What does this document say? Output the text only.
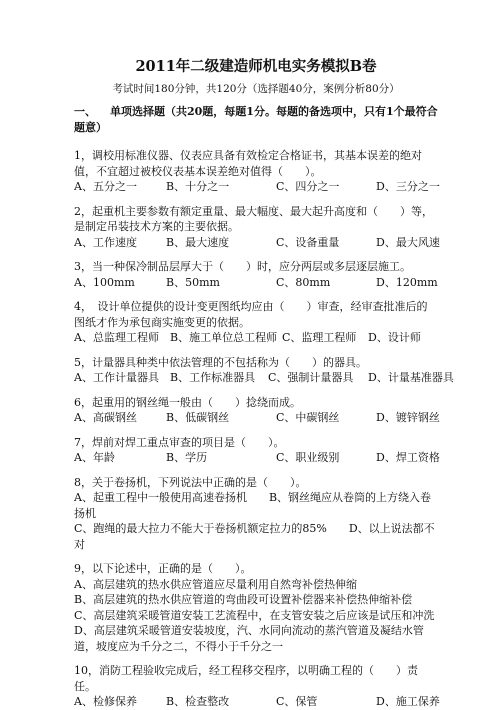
2011年二级建造师机电实务模拟B卷
考试时间180分钟，共120分（选择题40分，案例分析80分）
一、 单项选择题（共20题，每题1分。每题的备选项中，只有1个最符合题意）

1，调校用标准仪器、仪表应具备有效检定合格证书，其基本误差的绝对值，不宜超过被校仪表基本误差绝对值得（　　）。

A、五分之一	B、十分之一	C、四分之一	D、三分之一

2，起重机主要参数有额定重量、最大幅度、最大起升高度和（　　）等，是制定吊装技术方案的主要依据。

A、工作速度	B、最大速度	C、设备重量	D、最大风速

3，当一种保冷制品层厚大于（　　）时，应分两层或多层逐层施工。

A、100mm	B、50mm	C、80mm	D、120mm

4，　设计单位提供的设计变更图纸均应由（　　）审查，经审查批准后的图纸才作为承包商实施变更的依据。

A、总监理工程师	B、施工单位总工程师 C、监理工程师	D、设计师

5，计量器具种类中依法管理的不包括称为（　　）的器具。

A、工作计量器具	B、工作标准器具	C、强制计量器具	D、计量基准器具

6，起重用的钢丝绳一般由（　　）捻绕而成。

A、高碳钢丝	B、低碳钢丝	C、中碳钢丝	D、镀锌钢丝

7，焊前对焊工重点审查的项目是（　　）。

A、年龄	B、学历	C、职业级别	D、焊工资格

8，关于卷扬机，下列说法中正确的是（　　）。

A、起重工程中一般使用高速卷扬机　　B、钢丝绳应从卷筒的上方绕入卷扬机

C、跑绳的最大拉力不能大于卷扬机额定拉力的85%　　D、以上说法都不对

9，以下论述中，正确的是（　　）。

A、高层建筑的热水供应管道应尽量利用自然弯补偿热伸缩

B、高层建筑的热水供应管道的弯曲段可设置补偿器来补偿热伸缩补偿

C、高层建筑采暖管道安装工艺流程中，在支管安装之后应该是试压和冲洗

D、高层建筑采暖管道安装坡度，汽、水同向流动的蒸汽管道及凝结水管道，坡度应为千分之二，不得小于千分之一

10，消防工程验收完成后，经工程移交程序，以明确工程的（　　）责任。

A、检修保养	B、检查整改	C、保管	D、施工保养
